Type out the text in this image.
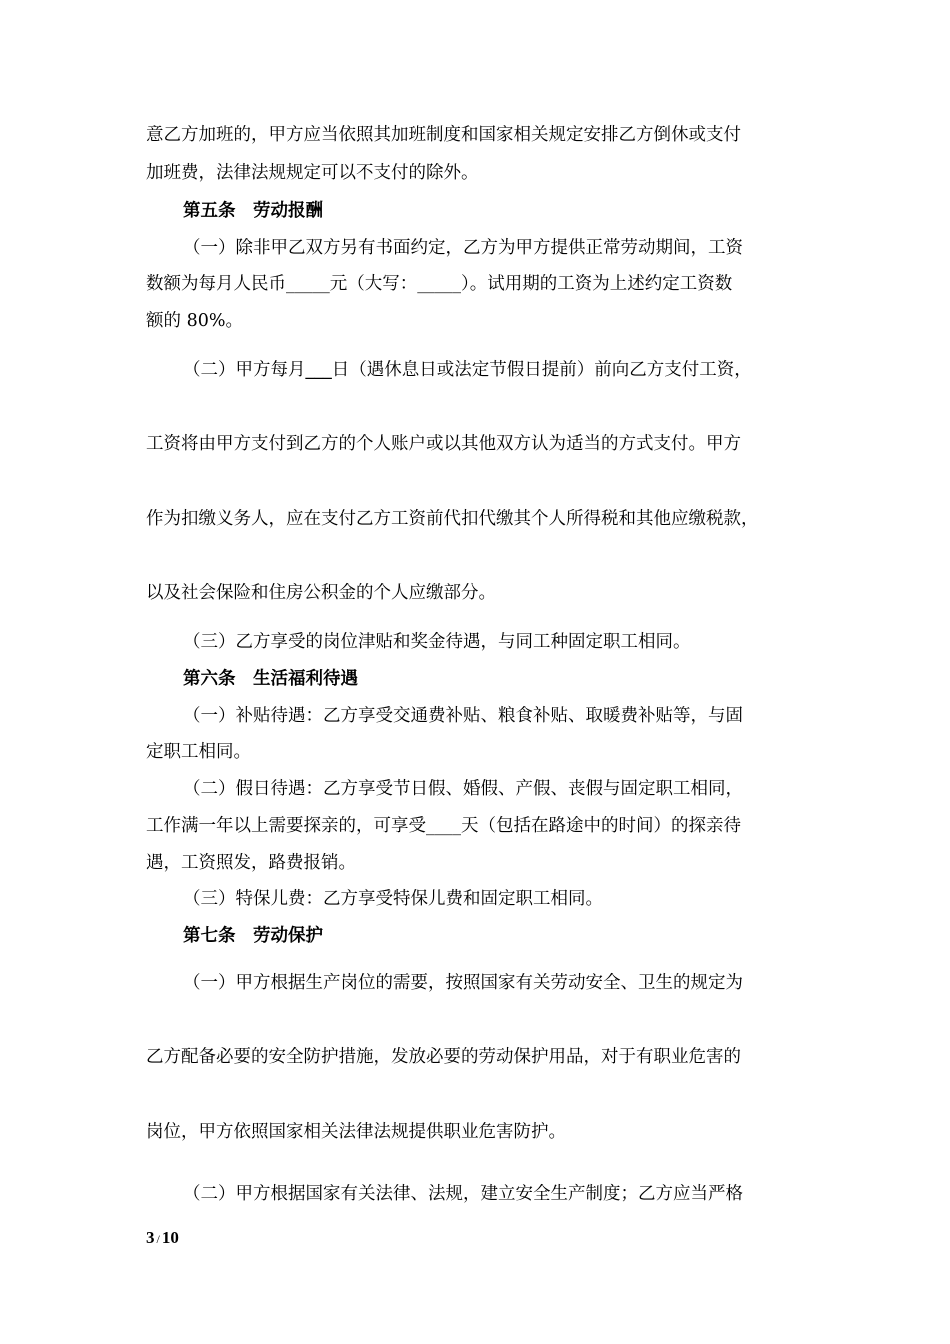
意乙方加班的，甲方应当依照其加班制度和国家相关规定安排乙方倒休或支付

加班费，法律法规规定可以不支付的除外。

第五条　劳动报酬

（一）除非甲乙双方另有书面约定，乙方为甲方提供正常劳动期间，工资

数额为每月人民币_____元（大写：_____）。试用期的工资为上述约定工资数

额的 80%。

（二）甲方每月___日（遇休息日或法定节假日提前）前向乙方支付工资，

工资将由甲方支付到乙方的个人账户或以其他双方认为适当的方式支付。甲方

作为扣缴义务人，应在支付乙方工资前代扣代缴其个人所得税和其他应缴税款，

以及社会保险和住房公积金的个人应缴部分。

（三）乙方享受的岗位津贴和奖金待遇，与同工种固定职工相同。

第六条　生活福利待遇

（一）补贴待遇：乙方享受交通费补贴、粮食补贴、取暖费补贴等，与固

定职工相同。

（二）假日待遇：乙方享受节日假、婚假、产假、丧假与固定职工相同，

工作满一年以上需要探亲的，可享受____天（包括在路途中的时间）的探亲待

遇，工资照发，路费报销。

（三）特保儿费：乙方享受特保儿费和固定职工相同。

第七条　劳动保护

（一）甲方根据生产岗位的需要，按照国家有关劳动安全、卫生的规定为

乙方配备必要的安全防护措施，发放必要的劳动保护用品，对于有职业危害的

岗位，甲方依照国家相关法律法规提供职业危害防护。

（二）甲方根据国家有关法律、法规，建立安全生产制度；乙方应当严格

3 / 10
